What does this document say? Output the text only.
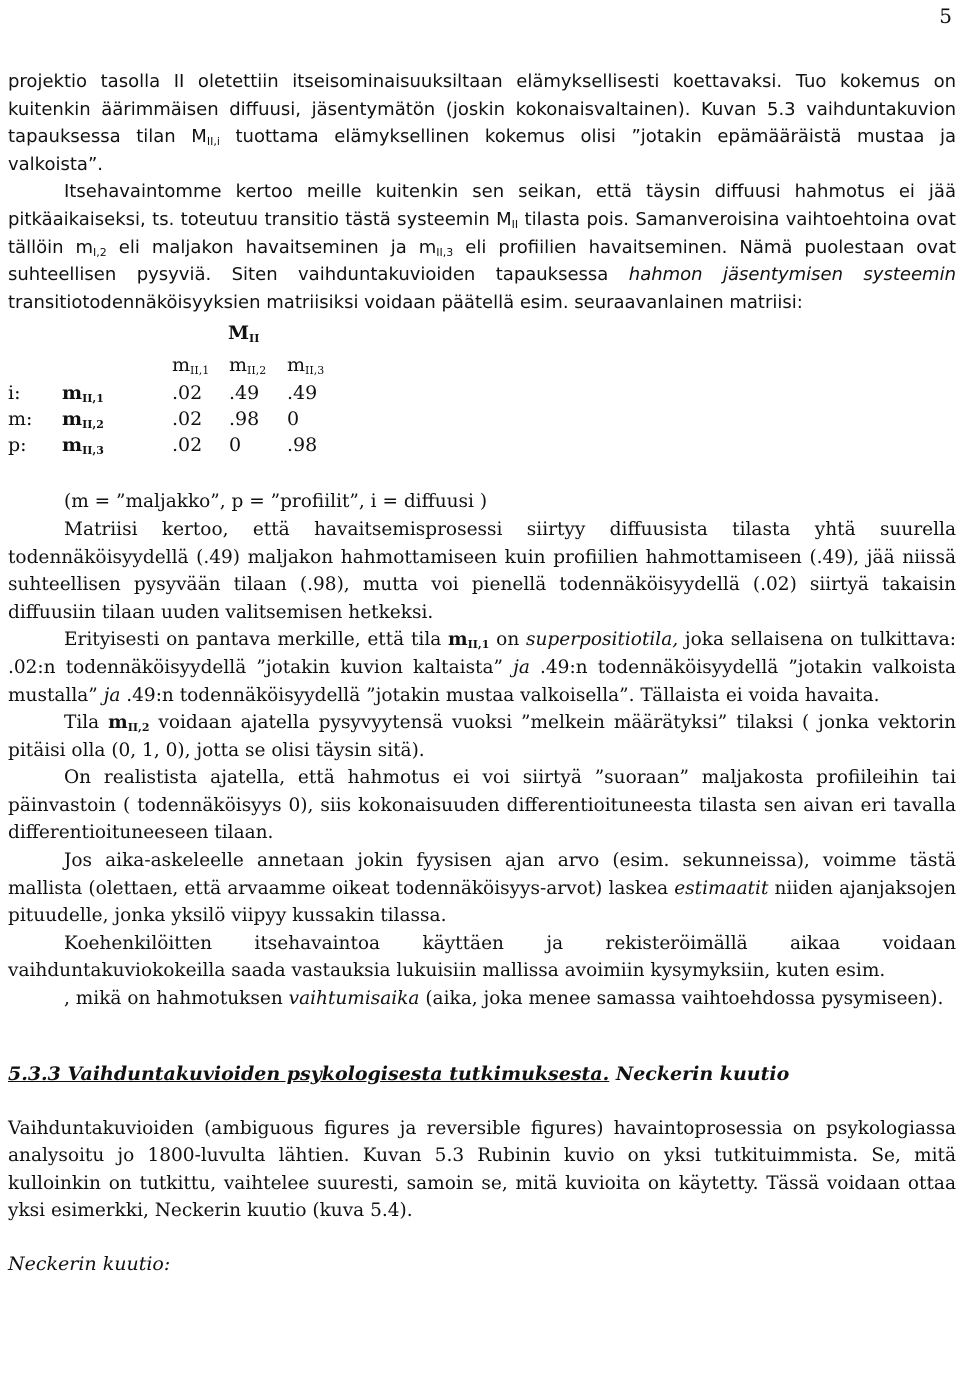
5

projektio tasolla II oletettiin itseisominaisuuksiltaan elämyksellisesti koettavaksi. Tuo kokemus on kuitenkin äärimmäisen diffuusi, jäsentymätön (joskin kokonaisvaltainen). Kuvan 5.3 vaihduntakuvion tapauksessa tilan $M_{II,i}$ tuottama elämyksellinen kokemus olisi ”jotakin epämääräistä mustaa ja valkoista”.

Itsehavaintomme kertoo meille kuitenkin sen seikan, että täysin diffuusi hahmotus ei jää pitkäaikaiseksi, ts. toteutuu transitio tästä systeemin $M_{II}$ tilasta pois. Samanveroisina vaihtoehtoina ovat tällöin $m_{I,2}$ eli maljakon havaitseminen ja $m_{II,3}$ eli profiilien havaitseminen. Nämä puolestaan ovat suhteellisen pysyviä. Siten vaihduntakuvioiden tapauksessa hahmon jäsentymisen systeemin transitiotodennäköisyyksien matriisiksi voidaan päätellä esim. seuraavanlainen matriisi:

$M_{II}$
$m_{II,1}$ $m_{II,2}$ $m_{II,3}$
i: $m_{II,1}$	.02 .49 .49
m: $m_{II,2}$	.02 .98 0
p: $m_{II,3}$	.02 0 .98

(m = ”maljakko”, p = ”profiilit”, i = diffuusi )

Matriisi kertoo, että havaitsemisprosessi siirtyy diffuusista tilasta yhtä suurella todennäköisyydellä (.49) maljakon hahmottamiseen kuin profiilien hahmottamiseen (.49), jää niissä suhteellisen pysyvään tilaan (.98), mutta voi pienellä todennäköisyydellä (.02) siirtyä takaisin diffuusiin tilaan uuden valitsemisen hetkeksi.

Erityisesti on pantava merkille, että tila $m_{II,1}$ on superpositiotila, joka sellaisena on tulkittava: .02:n todennäköisyydellä ”jotakin kuvion kaltaista” ja .49:n todennäköisyydellä ”jotakin valkoista mustalla” ja .49:n todennäköisyydellä ”jotakin mustaa valkoisella”. Tällaista ei voida havaita.

Tila $m_{II,2}$ voidaan ajatella pysyvyytensä vuoksi ”melkein määrätyksi” tilaksi ( jonka vektorin pitäisi olla (0, 1, 0), jotta se olisi täysin sitä).

On realistista ajatella, että hahmotus ei voi siirtyä ”suoraan” maljakosta profiileihin tai päinvastoin ( todennäköisyys 0), siis kokonaisuuden differentioituneesta tilasta sen aivan eri tavalla differentioituneeseen tilaan.

Jos aika-askeleelle annetaan jokin fyysisen ajan arvo (esim. sekunneissa), voimme tästä mallista (olettaen, että arvaamme oikeat todennäköisyys-arvot) laskea estimaatit niiden ajanjaksojen pituudelle, jonka yksilö viipyy kussakin tilassa.

Koehenkilöitten itsehavaintoa käyttäen ja rekisteröimällä aikaa voidaan vaihduntakuviokokeilla saada vastauksia lukuisiin mallissa avoimiin kysymyksiin, kuten esim.

, mikä on hahmotuksen vaihtumisaika (aika, joka menee samassa vaihtoehdossa pysymiseen).

5.3.3 Vaihduntakuvioiden psykologisesta tutkimuksesta. Neckerin kuutio

Vaihduntakuvioiden (ambiguous figures ja reversible figures) havaintoprosessia on psykologiassa analysoitu jo 1800-luvulta lähtien. Kuvan 5.3 Rubinin kuvio on yksi tutkituimmista. Se, mitä kulloinkin on tutkittu, vaihtelee suuresti, samoin se, mitä kuvioita on käytetty. Tässä voidaan ottaa yksi esimerkki, Neckerin kuutio (kuva 5.4).

Neckerin kuutio:
